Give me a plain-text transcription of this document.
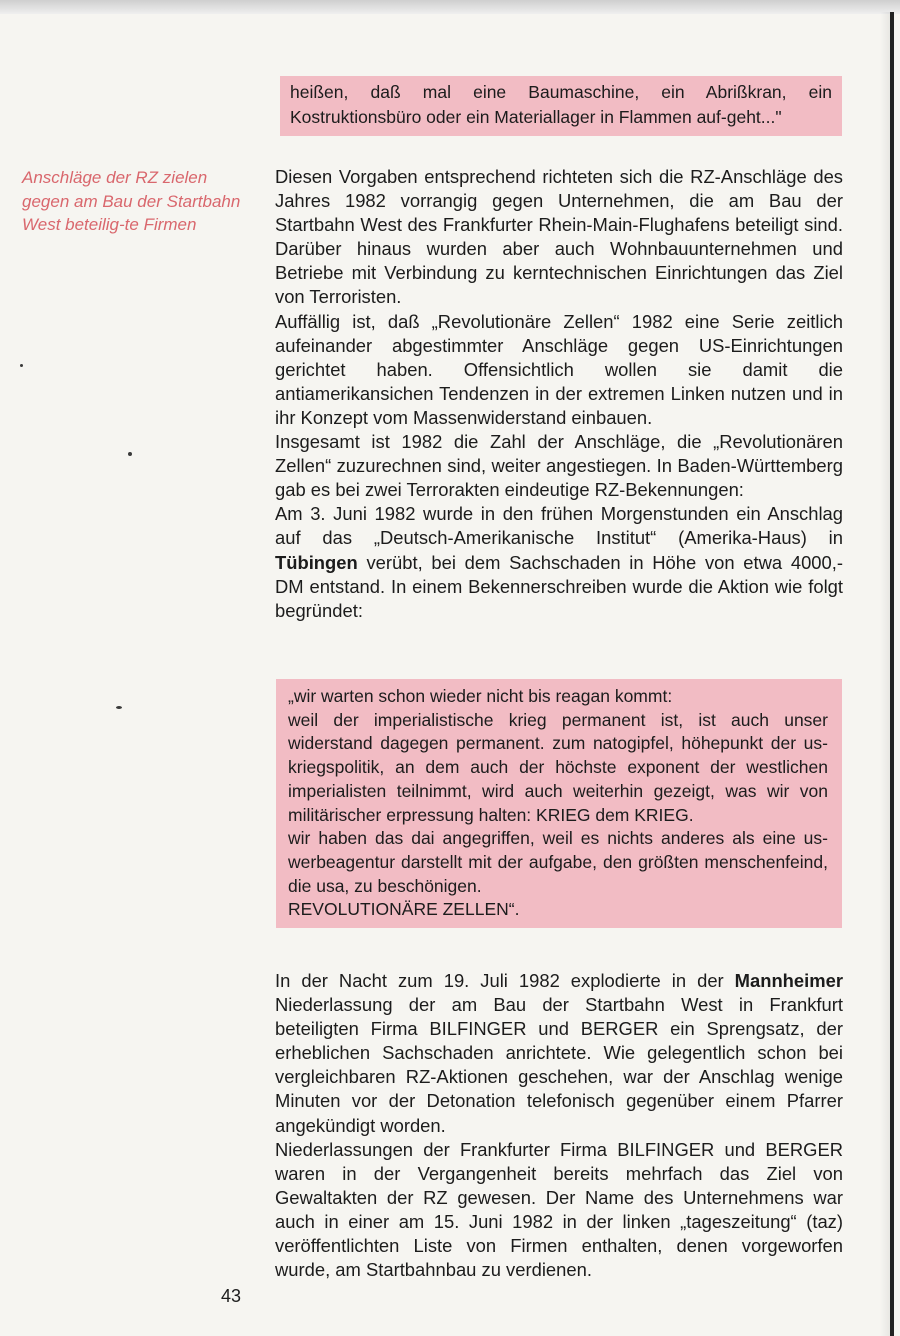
Anschläge der RZ zielen gegen am Bau der Startbahn West beteilig-te Firmen
heißen, daß mal eine Baumaschine, ein Abrißkran, ein Kostruktionsbüro oder ein Materiallager in Flammen auf-geht..."

Diesen Vorgaben entsprechend richteten sich die RZ-Anschläge des Jahres 1982 vorrangig gegen Unternehmen, die am Bau der Startbahn West des Frankfurter Rhein-Main-Flughafens beteiligt sind. Darüber hinaus wurden aber auch Wohnbauunternehmen und Betriebe mit Verbindung zu kerntechnischen Einrichtungen das Ziel von Terroristen.

Auffällig ist, daß „Revolutionäre Zellen“ 1982 eine Serie zeitlich aufeinander abgestimmter Anschläge gegen US-Einrichtungen gerichtet haben. Offensichtlich wollen sie damit die antiamerikansichen Tendenzen in der extremen Linken nutzen und in ihr Konzept vom Massenwiderstand einbauen.

Insgesamt ist 1982 die Zahl der Anschläge, die „Revolutionären Zellen“ zuzurechnen sind, weiter angestiegen. In Baden-Württemberg gab es bei zwei Terrorakten eindeutige RZ-Bekennungen:

Am 3. Juni 1982 wurde in den frühen Morgenstunden ein Anschlag auf das „Deutsch-Amerikanische Institut“ (Amerika-Haus) in Tübingen verübt, bei dem Sachschaden in Höhe von etwa 4000,- DM entstand. In einem Bekennerschreiben wurde die Aktion wie folgt begründet:

„wir warten schon wieder nicht bis reagan kommt:

weil der imperialistische krieg permanent ist, ist auch unser widerstand dagegen permanent. zum natogipfel, höhepunkt der us-kriegspolitik, an dem auch der höchste exponent der westlichen imperialisten teilnimmt, wird auch weiterhin gezeigt, was wir von militärischer erpressung halten: KRIEG dem KRIEG.

wir haben das dai angegriffen, weil es nichts anderes als eine us-werbeagentur darstellt mit der aufgabe, den größten menschenfeind, die usa, zu beschönigen.

REVOLUTIONÄRE ZELLEN“.

In der Nacht zum 19. Juli 1982 explodierte in der Mannheimer Niederlassung der am Bau der Startbahn West in Frankfurt beteiligten Firma BILFINGER und BERGER ein Sprengsatz, der erheblichen Sachschaden anrichtete. Wie gelegentlich schon bei vergleichbaren RZ-Aktionen geschehen, war der Anschlag wenige Minuten vor der Detonation telefonisch gegenüber einem Pfarrer angekündigt worden.

Niederlassungen der Frankfurter Firma BILFINGER und BERGER waren in der Vergangenheit bereits mehrfach das Ziel von Gewaltakten der RZ gewesen. Der Name des Unternehmens war auch in einer am 15. Juni 1982 in der linken „tageszeitung“ (taz) veröffentlichten Liste von Firmen enthalten, denen vorgeworfen wurde, am Startbahnbau zu verdienen.

43
